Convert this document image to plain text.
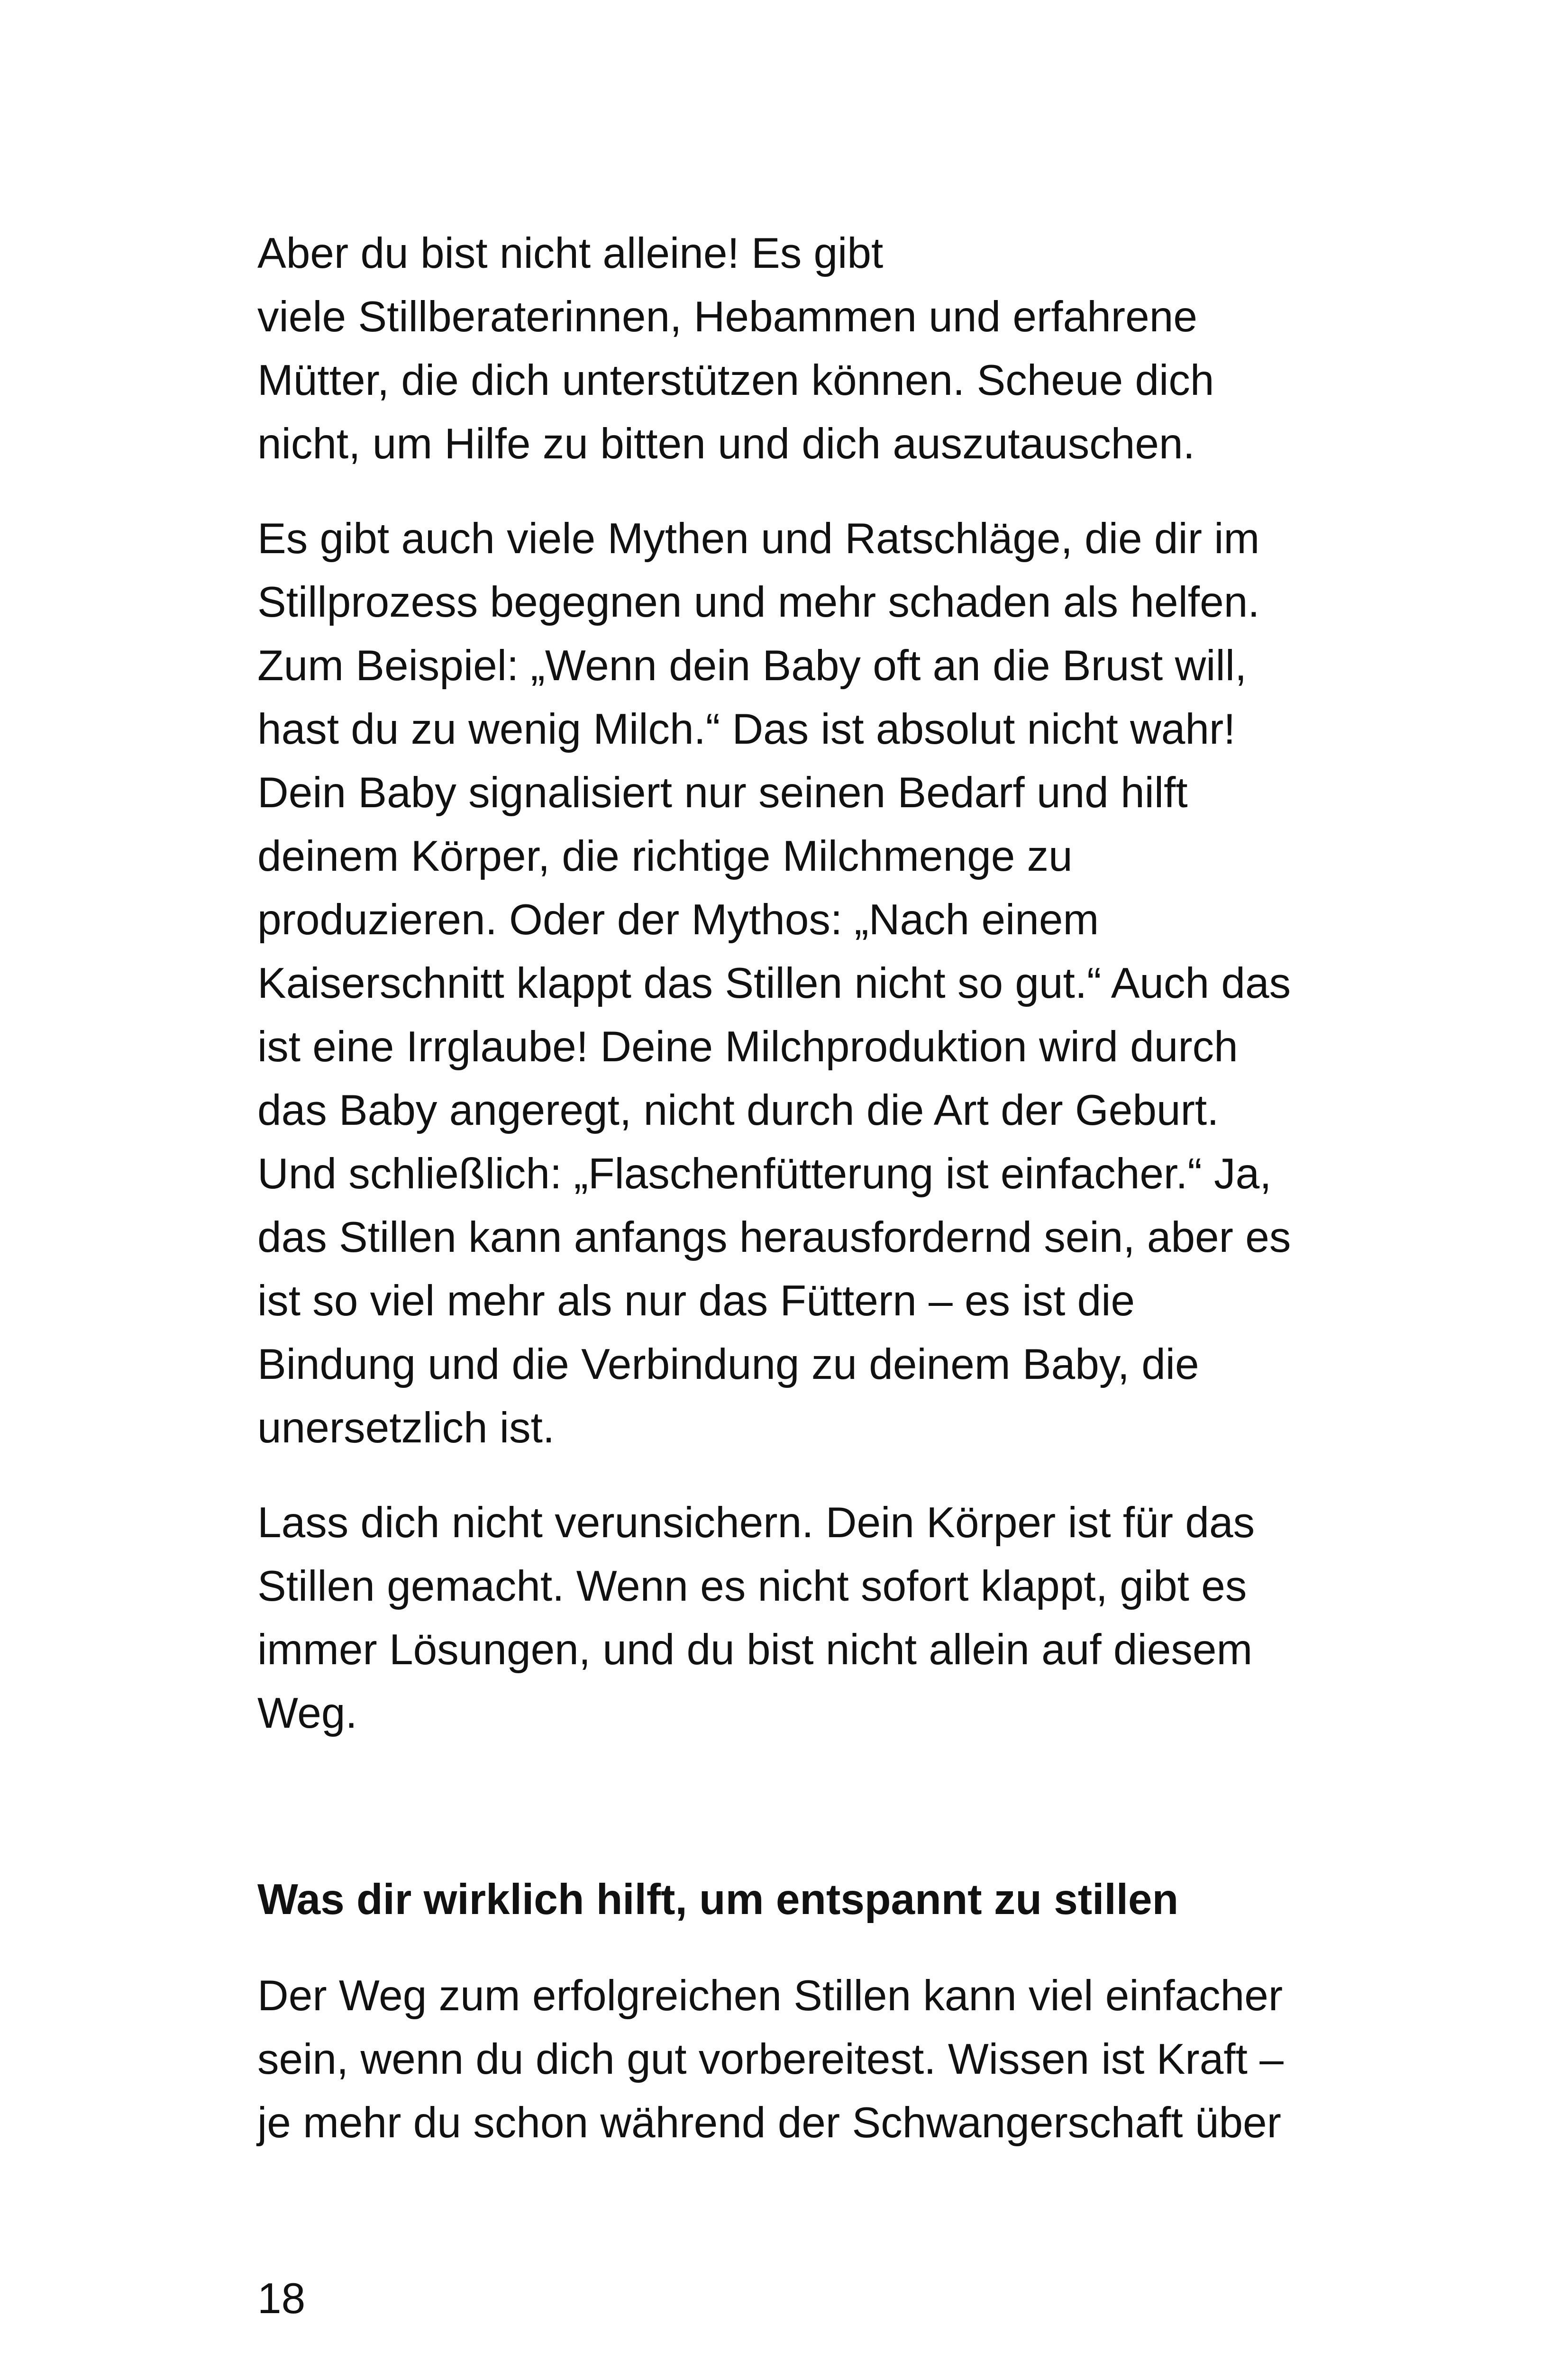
Aber du bist nicht alleine! Es gibt
viele Stillberaterinnen, Hebammen und erfahrene
Mütter, die dich unterstützen können. Scheue dich
nicht, um Hilfe zu bitten und dich auszutauschen.
Es gibt auch viele Mythen und Ratschläge, die dir im
Stillprozess begegnen und mehr schaden als helfen.
Zum Beispiel: „Wenn dein Baby oft an die Brust will,
hast du zu wenig Milch.“ Das ist absolut nicht wahr!
Dein Baby signalisiert nur seinen Bedarf und hilft
deinem Körper, die richtige Milchmenge zu
produzieren. Oder der Mythos: „Nach einem
Kaiserschnitt klappt das Stillen nicht so gut.“ Auch das
ist eine Irrglaube! Deine Milchproduktion wird durch
das Baby angeregt, nicht durch die Art der Geburt.
Und schließlich: „Flaschenfütterung ist einfacher.“ Ja,
das Stillen kann anfangs herausfordernd sein, aber es
ist so viel mehr als nur das Füttern – es ist die
Bindung und die Verbindung zu deinem Baby, die
unersetzlich ist.
Lass dich nicht verunsichern. Dein Körper ist für das
Stillen gemacht. Wenn es nicht sofort klappt, gibt es
immer Lösungen, und du bist nicht allein auf diesem
Weg.
Was dir wirklich hilft, um entspannt zu stillen
Der Weg zum erfolgreichen Stillen kann viel einfacher
sein, wenn du dich gut vorbereitest. Wissen ist Kraft –
je mehr du schon während der Schwangerschaft über
18
